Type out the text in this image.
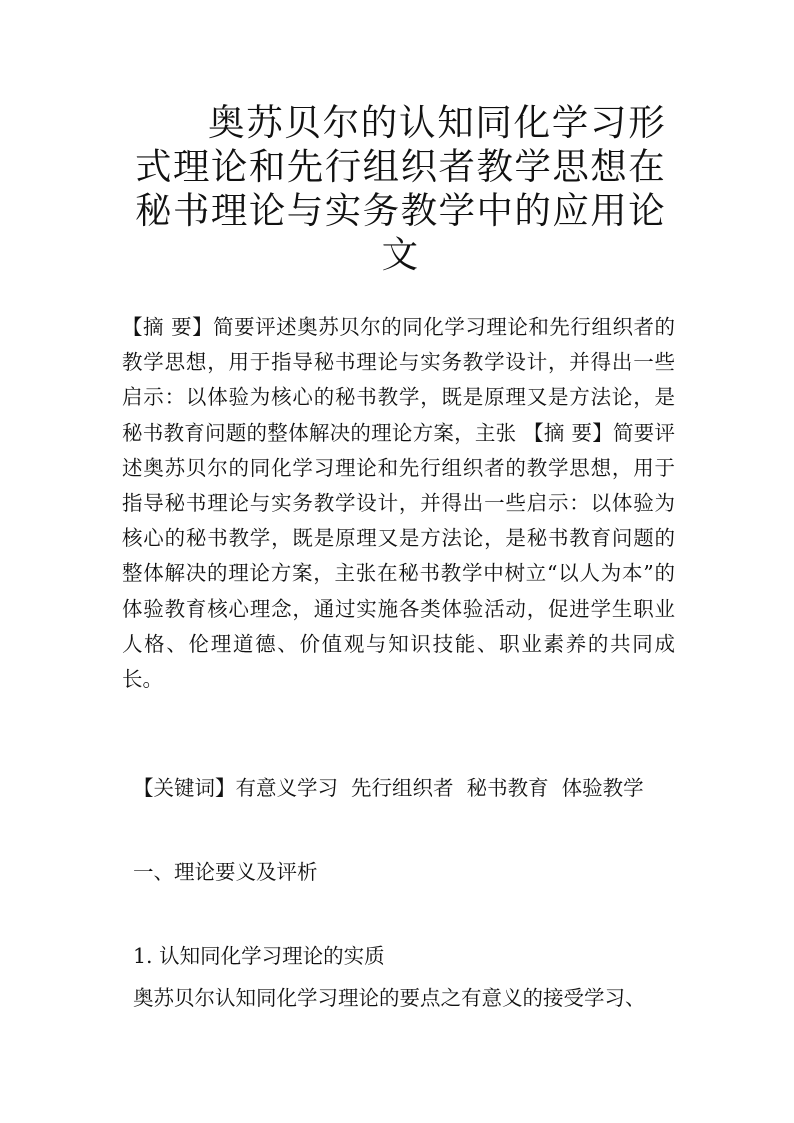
奥苏贝尔的认知同化学习形式理论和先行组织者教学思想在秘书理论与实务教学中的应用论文

【摘 要】简要评述奥苏贝尔的同化学习理论和先行组织者的教学思想，用于指导秘书理论与实务教学设计，并得出一些启示：以体验为核心的秘书教学，既是原理又是方法论，是秘书教育问题的整体解决的理论方案，主张 【摘 要】简要评述奥苏贝尔的同化学习理论和先行组织者的教学思想，用于指导秘书理论与实务教学设计，并得出一些启示：以体验为核心的秘书教学，既是原理又是方法论，是秘书教育问题的整体解决的理论方案，主张在秘书教学中树立“以人为本”的体验教育核心理念，通过实施各类体验活动，促进学生职业人格、伦理道德、价值观与知识技能、职业素养的共同成长。

【关键词】有意义学习  先行组织者  秘书教育  体验教学

一、理论要义及评析
1. 认知同化学习理论的实质

奥苏贝尔认知同化学习理论的要点之有意义的接受学习、
